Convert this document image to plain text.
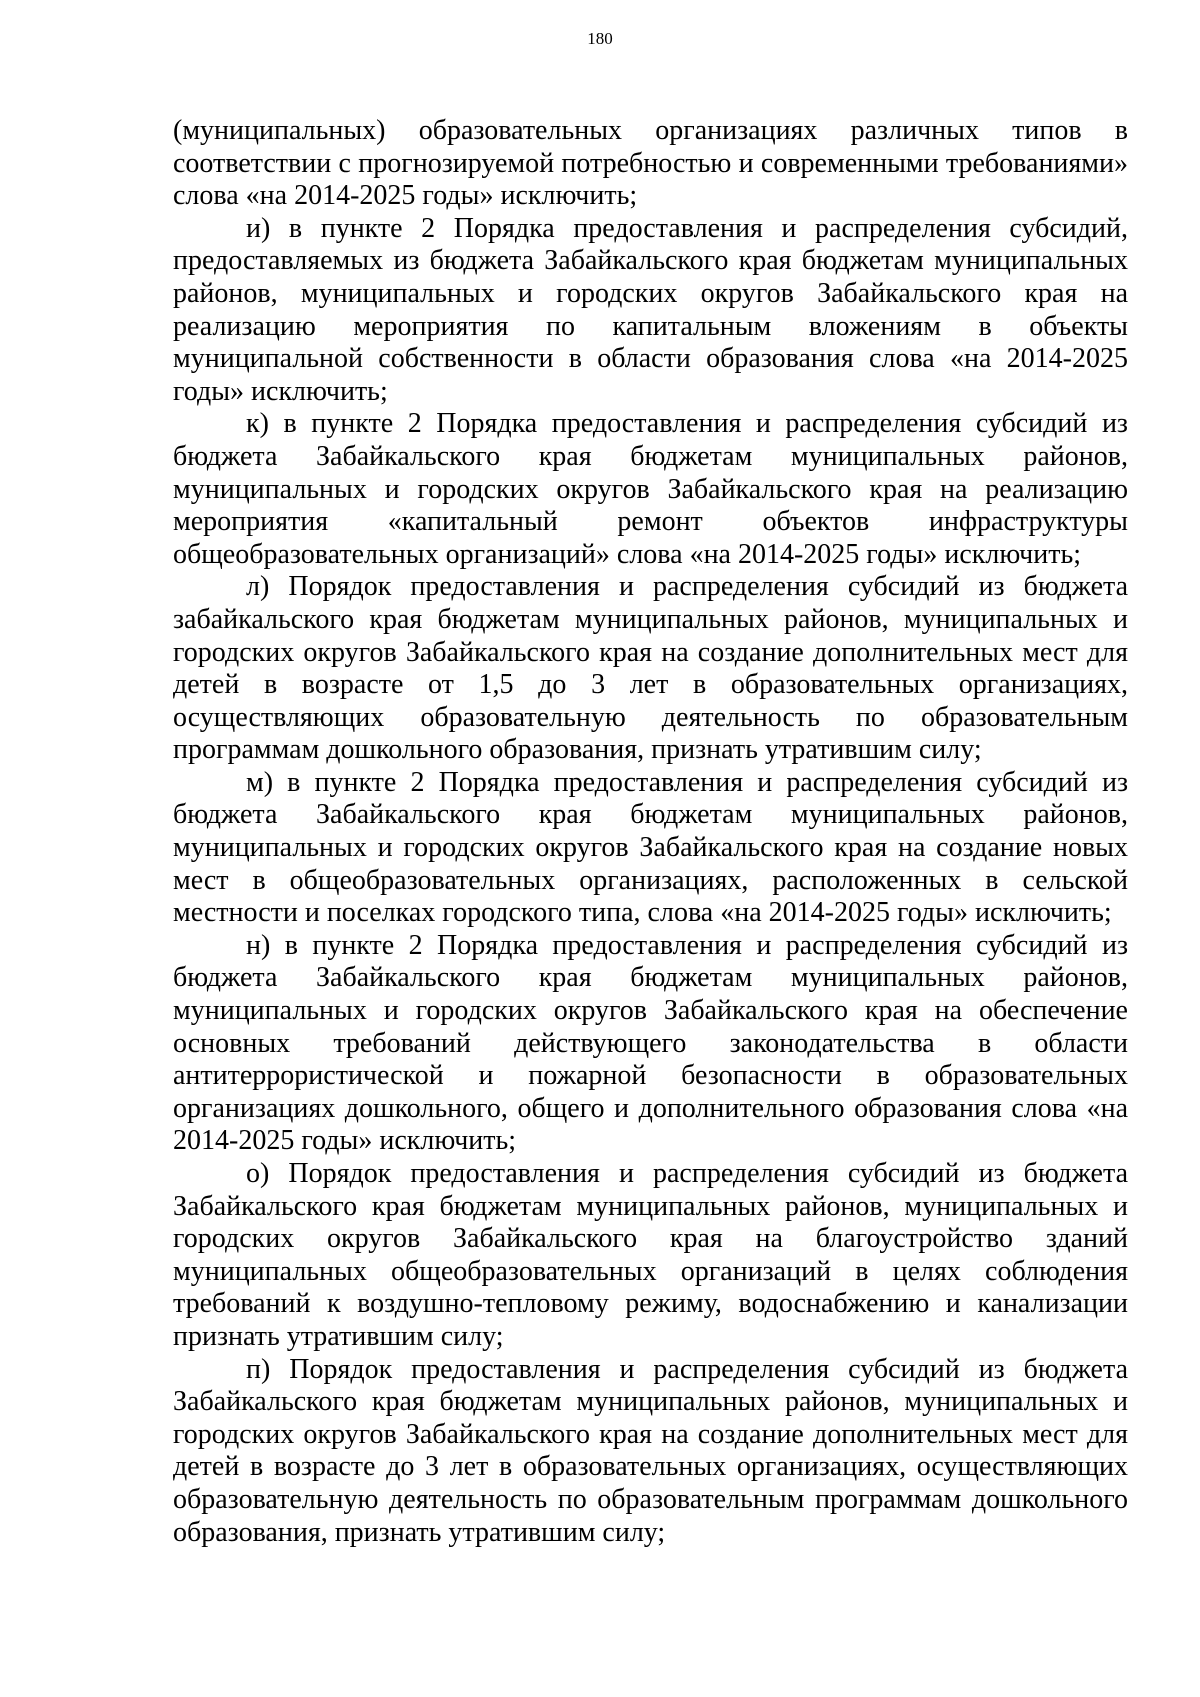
180

(муниципальных) образовательных организациях различных типов в соответствии с прогнозируемой потребностью и современными требованиями» слова «на 2014-2025 годы» исключить;

и) в пункте 2 Порядка предоставления и распределения субсидий, предоставляемых из бюджета Забайкальского края бюджетам муниципальных районов, муниципальных и городских округов Забайкальского края на реализацию мероприятия по капитальным вложениям в объекты муниципальной собственности в области образования слова «на 2014-2025 годы» исключить;

к) в пункте 2 Порядка предоставления и распределения субсидий из бюджета Забайкальского края бюджетам муниципальных районов, муниципальных и городских округов Забайкальского края на реализацию мероприятия «капитальный ремонт объектов инфраструктуры общеобразовательных организаций» слова «на 2014-2025 годы» исключить;

л) Порядок предоставления и распределения субсидий из бюджета забайкальского края бюджетам муниципальных районов, муниципальных и городских округов Забайкальского края на создание дополнительных мест для детей в возрасте от 1,5 до 3 лет в образовательных организациях, осуществляющих образовательную деятельность по образовательным программам дошкольного образования, признать утратившим силу;

м) в пункте 2 Порядка предоставления и распределения субсидий из бюджета Забайкальского края бюджетам муниципальных районов, муниципальных и городских округов Забайкальского края на создание новых мест в общеобразовательных организациях, расположенных в сельской местности и поселках городского типа, слова «на 2014-2025 годы» исключить;

н) в пункте 2 Порядка предоставления и распределения субсидий из бюджета Забайкальского края бюджетам муниципальных районов, муниципальных и городских округов Забайкальского края на обеспечение основных требований действующего законодательства в области антитеррористической и пожарной безопасности в образовательных организациях дошкольного, общего и дополнительного образования слова «на 2014-2025 годы» исключить;

о) Порядок предоставления и распределения субсидий из бюджета Забайкальского края бюджетам муниципальных районов, муниципальных и городских округов Забайкальского края на благоустройство зданий муниципальных общеобразовательных организаций в целях соблюдения требований к воздушно-тепловому режиму, водоснабжению и канализации признать утратившим силу;

п) Порядок предоставления и распределения субсидий из бюджета Забайкальского края бюджетам муниципальных районов, муниципальных и городских округов Забайкальского края на создание дополнительных мест для детей в возрасте до 3 лет в образовательных организациях, осуществляющих образовательную деятельность по образовательным программам дошкольного образования, признать утратившим силу;
